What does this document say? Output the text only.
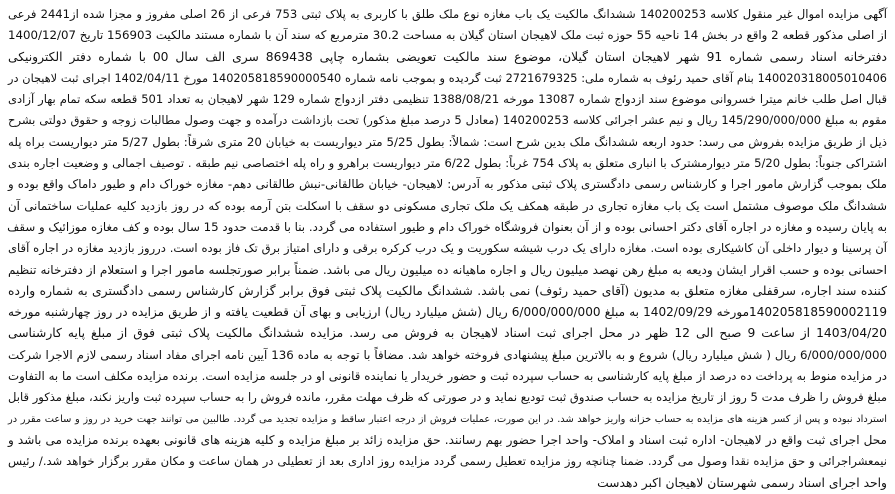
آگهی مزایده اموال غیر منقول کلاسه 140200253 ششدانگ مالکیت یک باب مغازه نوع ملک طلق با کاربری به پلاک ثبتی 753 فرعی از 26 اصلی مفروز و مجزا شده از2441 فرعی
از اصلی مذکور قطعه 2 واقع در بخش 14 ناحیه 55 حوزه ثبت ملک لاهیجان استان گیلان به مساحت 30.2 مترمربع که سند آن با شماره مستند مالکیت 156903 تاریخ 1400/12/07
دفترخانه اسناد رسمی شماره 91 شهر لاهیجان استان گیلان، موضوع سند مالکیت تعویضی بشماره چاپی 869438 سری الف سال 00 با شماره دفتر الکترونیکی
140020318005010406 بنام آقای حمید رئوف به شماره ملی: 2721679325 ثبت گردیده و بموجب نامه شماره 140205818590000540 مورخ 1402/04/11 اجرای ثبت لاهیجان در
قبال اصل طلب خانم میترا خسروانی موضوع سند ازدواج شماره 13087 مورخه 1388/08/21 تنظیمی دفتر ازدواج شماره 129 شهر لاهیجان به تعداد 501 قطعه سکه تمام بهار آزادی
مقوم به مبلغ 145/290/000/000 ریال و نیم عشر اجرائی کلاسه 140200253 (معادل 5 درصد مبلغ مذکور) تحت بازداشت درآمده و جهت وصول مطالبات زوجه و حقوق دولتی بشرح
ذیل از طریق مزایده بفروش می رسد: حدود اربعه ششدانگ ملک بدین شرح است: شمالاً: بطول 5/25 متر دیواریست به خیابان 20 متری شرقاً: بطول 5/27 متر دیواریست براه پله
اشتراکی جنوباً: بطول 5/20 متر دیوارمشترک با انباری متعلق به پلاک 754 غرباً: بطول 6/22 متر دیواریست براهرو و راه پله اختصاصی نیم طبقه . توصیف اجمالی و وضعیت اجاره بندی
ملک بموجب گزارش مامور اجرا و کارشناس رسمی دادگستری پلاک ثبتی مذکور به آدرس: لاهیجان- خیابان طالقانی-نبش طالقانی دهم- مغازه خوراک دام و طیور داماک واقع بوده و
ششدانگ ملک موصوف مشتمل است یک باب مغازه تجاری در طبقه همکف یک ملک تجاری مسکونی دو سقف با اسکلت بتن آرمه بوده که در روز بازدید کلیه عملیات ساختمانی آن
به پایان رسیده و مغازه در اجاره آقای دکتر احسانی بوده و از آن بعنوان فروشگاه خوراک دام و طیور استفاده می گردد. بنا با قدمت حدود 15 سال بوده و کف مغازه موزائیک و سقف
آن پرسینا و دیوار داخلی آن کاشیکاری بوده است. مغازه دارای یک درب شیشه سکوریت و یک درب کرکره برقی و دارای امتیاز برق تک فاز بوده است. درروز بازدید مغازه در اجاره آقای
احسانی بوده و حسب اقرار ایشان ودیعه به مبلغ رهن نهصد میلیون ریال و اجاره ماهیانه ده میلیون ریال می باشد. ضمناً برابر صورتجلسه مامور اجرا و استعلام از دفترخانه تنظیم
کننده سند اجاره، سرقفلی مغازه متعلق به مدیون (آقای حمید رئوف) نمی باشد. ششدانگ مالکیت پلاک ثبتی فوق برابر گزارش کارشناس رسمی دادگستری به شماره وارده
140205818590002119مورخه 1402/09/29 به مبلغ 6/000/000/000 ریال (شش میلیارد ریال) ارزیابی و بهای آن قطعیت یافته و از طریق مزایده در روز چهارشنبه مورخه
1403/04/20 از ساعت 9 صبح الی 12 ظهر در محل اجرای ثبت اسناد لاهیجان به فروش می رسد. مزایده ششدانگ مالکیت پلاک ثبتی فوق از مبلغ پایه کارشناسی
6/000/000/000 ریال ( شش میلیارد ریال) شروع و به بالاترین مبلغ پیشنهادی فروخته خواهد شد. مضافاً با توجه به ماده 136 آیین نامه اجرای مفاد اسناد رسمی لازم الاجرا شرکت
در مزایده منوط به پرداخت ده درصد از مبلغ پایه کارشناسی به حساب سپرده ثبت و حضور خریدار یا نماینده قانونی او در جلسه مزایده است. برنده مزایده مکلف است ما به التفاوت
مبلغ فروش را ظرف مدت 5 روز از تاریخ مزایده به حساب صندوق ثبت تودیع نماید و در صورتی که ظرف مهلت مقرر، مانده فروش را به حساب سپرده ثبت واریز نکند، مبلغ مذکور قابل
استرداد نبوده و پس از کسر هزینه های مزایده به حساب خزانه واریز خواهد شد. در این صورت، عملیات فروش از درجه اعتبار ساقط و مزایده تجدید می گردد. طالبین می توانند جهت خرید در روز و ساعت مقرر در
محل اجرای ثبت واقع در لاهیجان- اداره ثبت اسناد و املاک- واحد اجرا حضور بهم رسانند. حق مزایده زائد بر مبلغ مزایده و کلیه هزینه های قانونی بعهده برنده مزایده می باشد و
نیمعشراجرائی و حق مزایده نقدا وصول می گردد. ضمنا چنانچه روز مزایده تعطیل رسمی گردد مزایده روز اداری بعد از تعطیلی در همان ساعت و مکان مقرر برگزار خواهد شد./ رئیس
واحد اجرای اسناد رسمی شهرستان لاهیجان اکبر دهدست
